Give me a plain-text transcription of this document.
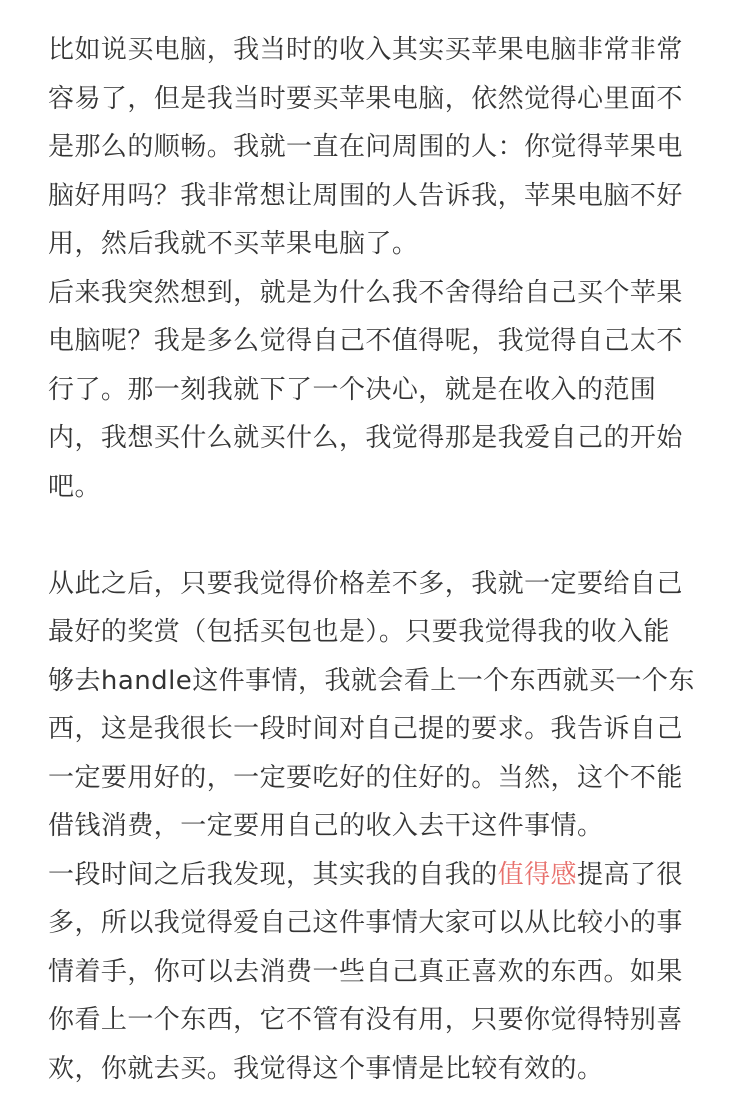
比如说买电脑，我当时的收入其实买苹果电脑非常非常
容易了，但是我当时要买苹果电脑，依然觉得心里面不
是那么的顺畅。我就一直在问周围的人：你觉得苹果电
脑好用吗？我非常想让周围的人告诉我，苹果电脑不好
用，然后我就不买苹果电脑了。
后来我突然想到，就是为什么我不舍得给自己买个苹果
电脑呢？我是多么觉得自己不值得呢，我觉得自己太不
行了。那一刻我就下了一个决心，就是在收入的范围
内，我想买什么就买什么，我觉得那是我爱自己的开始
吧。
从此之后，只要我觉得价格差不多，我就一定要给自己
最好的奖赏（包括买包也是）。只要我觉得我的收入能
够去handle这件事情，我就会看上一个东西就买一个东
西，这是我很长一段时间对自己提的要求。我告诉自己
一定要用好的，一定要吃好的住好的。当然，这个不能
借钱消费，一定要用自己的收入去干这件事情。
一段时间之后我发现，其实我的自我的值得感提高了很
多，所以我觉得爱自己这件事情大家可以从比较小的事
情着手，你可以去消费一些自己真正喜欢的东西。如果
你看上一个东西，它不管有没有用，只要你觉得特别喜
欢，你就去买。我觉得这个事情是比较有效的。
